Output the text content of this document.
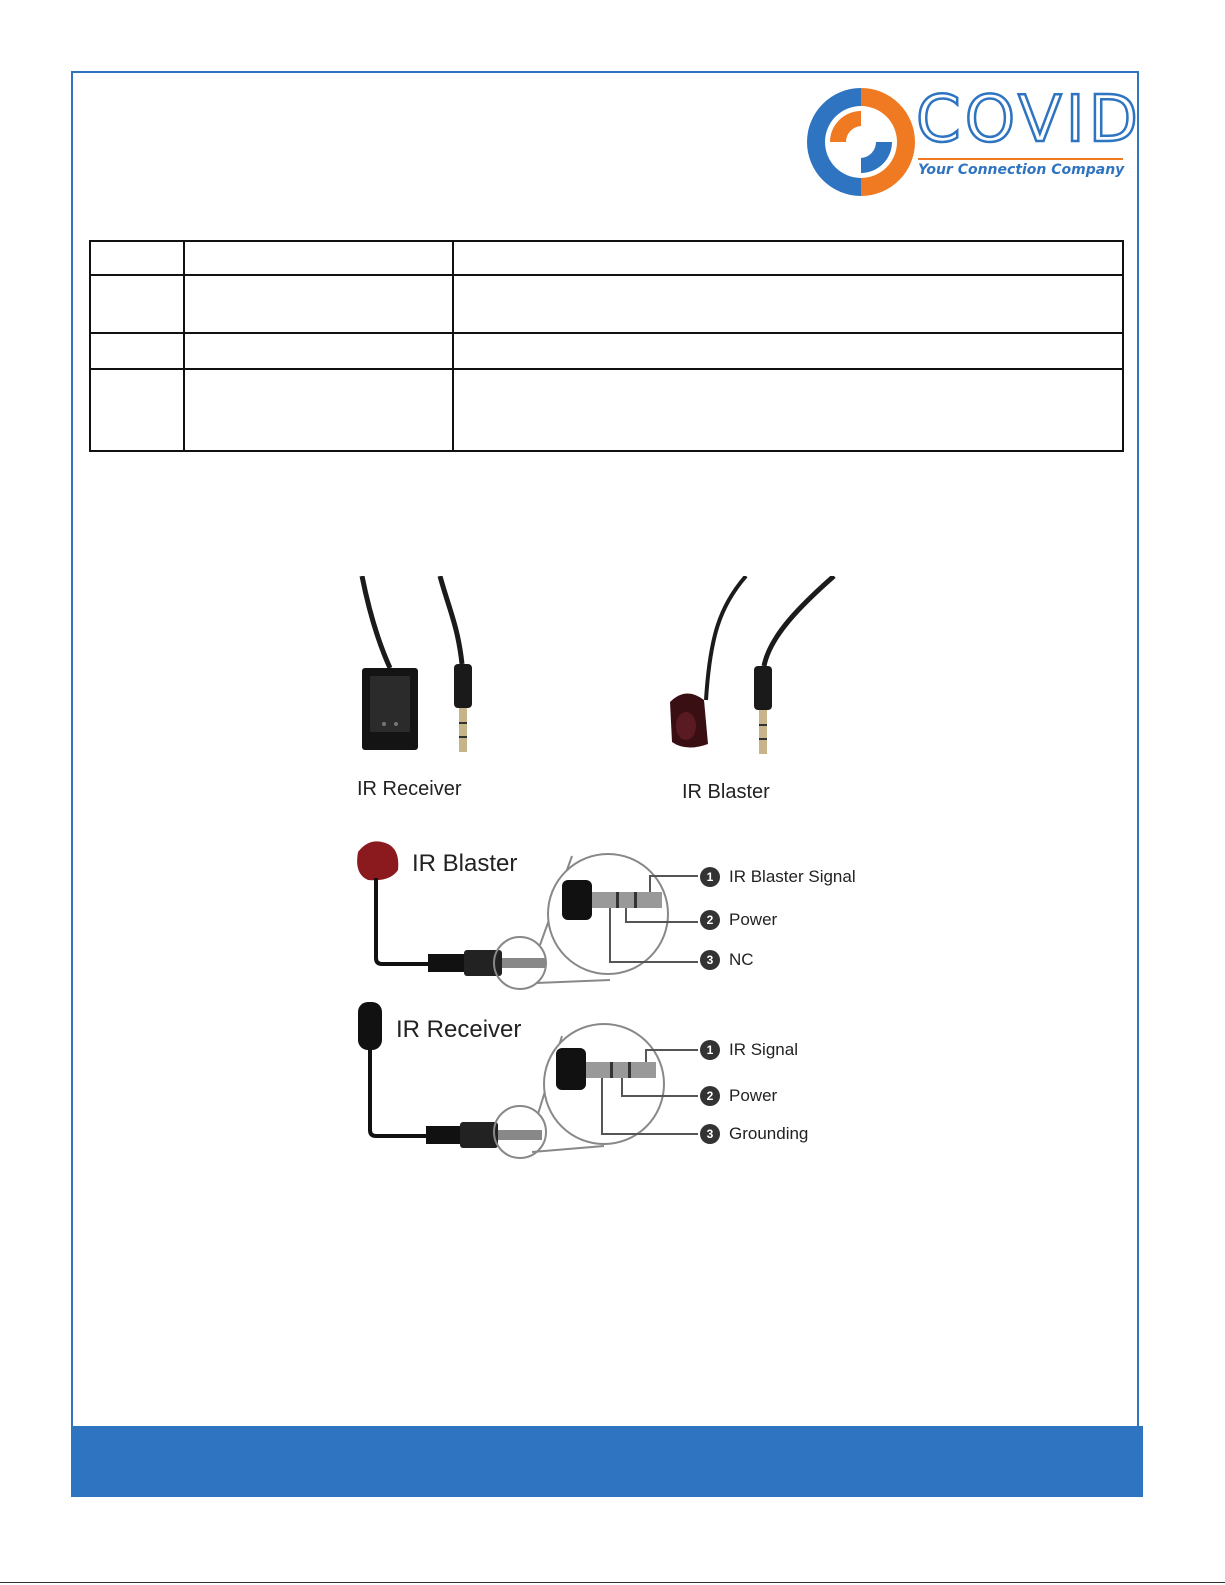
COVID
Your Connection Company

IR Receiver	IR Blaster
IR Blaster	1 IR Blaster Signal
2 Power
3 NC
IR Receiver
1 IR Signal
2 Power
3 Grounding
